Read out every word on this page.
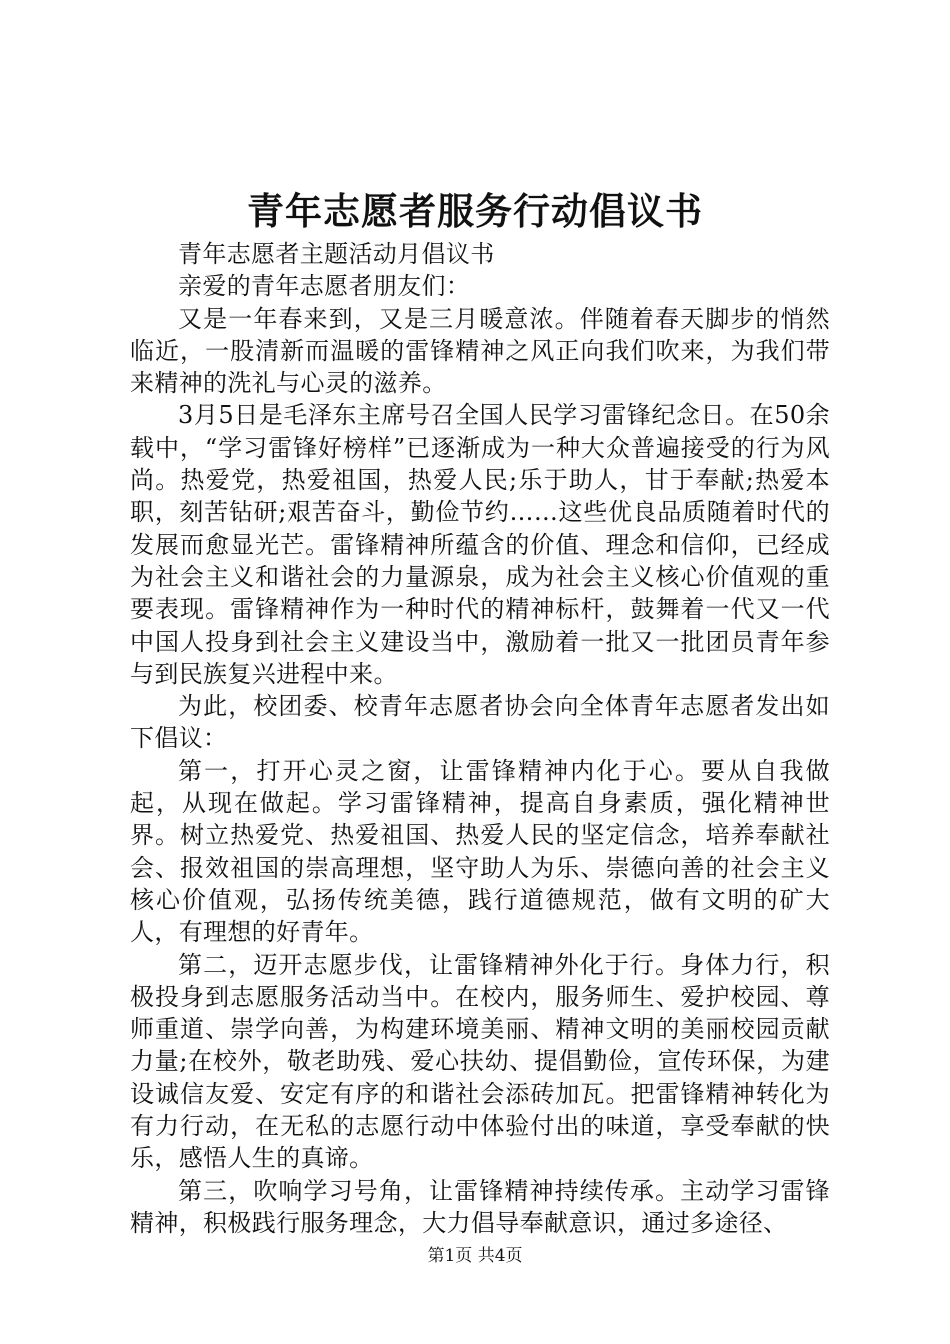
青年志愿者服务行动倡议书

青年志愿者主题活动月倡议书

亲爱的青年志愿者朋友们：

又是一年春来到，又是三月暖意浓。伴随着春天脚步的悄然临近，一股清新而温暖的雷锋精神之风正向我们吹来，为我们带来精神的洗礼与心灵的滋养。

3月5日是毛泽东主席号召全国人民学习雷锋纪念日。在50余载中，“学习雷锋好榜样”已逐渐成为一种大众普遍接受的行为风尚。热爱党，热爱祖国，热爱人民;乐于助人，甘于奉献;热爱本职，刻苦钻研;艰苦奋斗，勤俭节约……这些优良品质随着时代的发展而愈显光芒。雷锋精神所蕴含的价值、理念和信仰，已经成为社会主义和谐社会的力量源泉，成为社会主义核心价值观的重要表现。雷锋精神作为一种时代的精神标杆，鼓舞着一代又一代中国人投身到社会主义建设当中，激励着一批又一批团员青年参与到民族复兴进程中来。

为此，校团委、校青年志愿者协会向全体青年志愿者发出如下倡议：

第一，打开心灵之窗，让雷锋精神内化于心。要从自我做起，从现在做起。学习雷锋精神，提高自身素质，强化精神世界。树立热爱党、热爱祖国、热爱人民的坚定信念，培养奉献社会、报效祖国的崇高理想，坚守助人为乐、崇德向善的社会主义核心价值观，弘扬传统美德，践行道德规范，做有文明的矿大人，有理想的好青年。

第二，迈开志愿步伐，让雷锋精神外化于行。身体力行，积极投身到志愿服务活动当中。在校内，服务师生、爱护校园、尊师重道、崇学向善，为构建环境美丽、精神文明的美丽校园贡献力量;在校外，敬老助残、爱心扶幼、提倡勤俭，宣传环保，为建设诚信友爱、安定有序的和谐社会添砖加瓦。把雷锋精神转化为有力行动，在无私的志愿行动中体验付出的味道，享受奉献的快乐，感悟人生的真谛。

第三，吹响学习号角，让雷锋精神持续传承。主动学习雷锋精神，积极践行服务理念，大力倡导奉献意识，通过多途径、

第1页 共4页
